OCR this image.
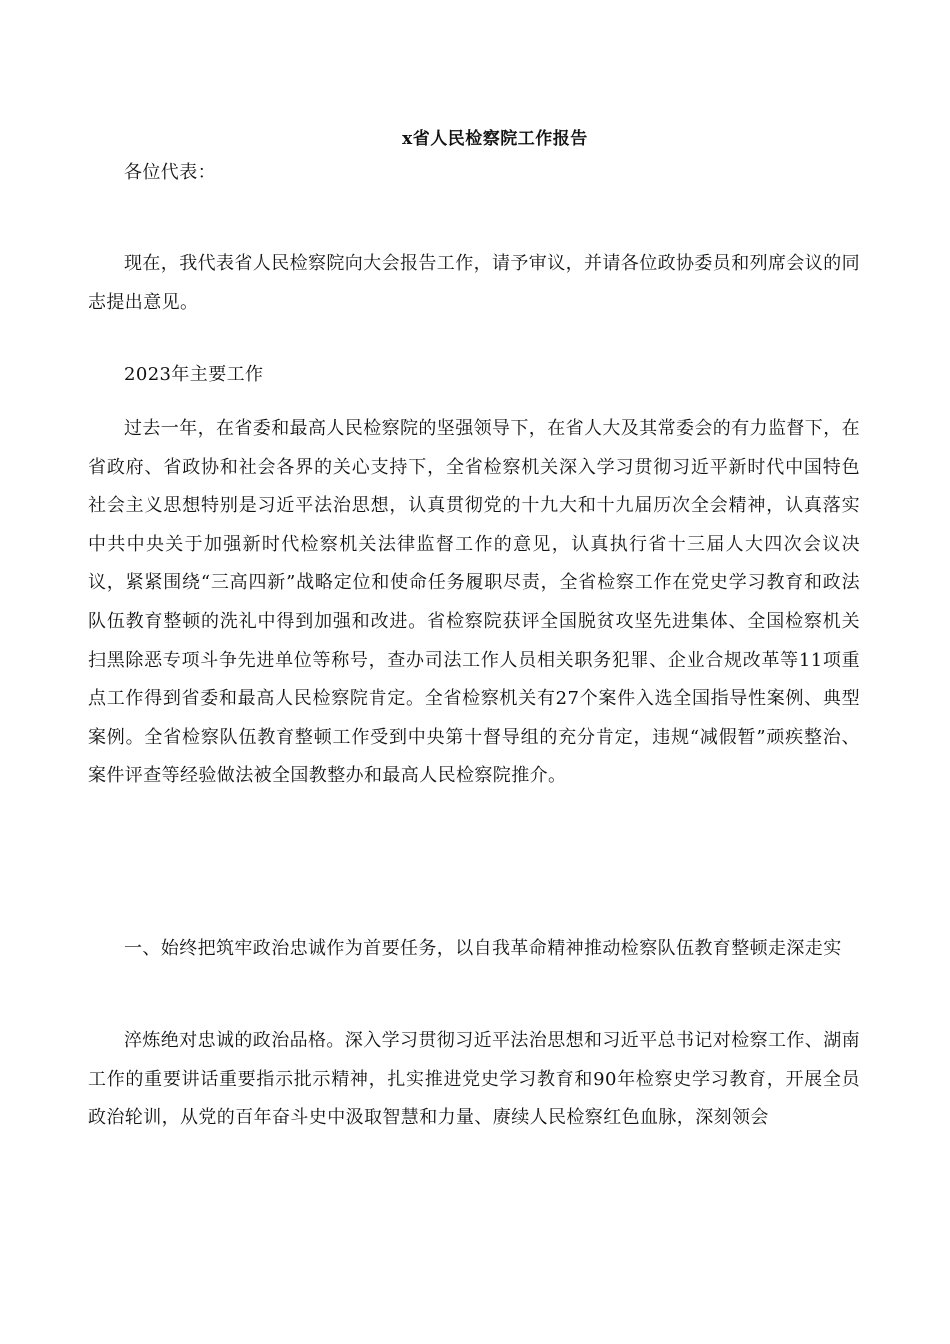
x省人民检察院工作报告

各位代表：

现在，我代表省人民检察院向大会报告工作，请予审议，并请各位政协委员和列席会议的同志提出意见。

2023年主要工作

过去一年，在省委和最高人民检察院的坚强领导下，在省人大及其常委会的有力监督下，在省政府、省政协和社会各界的关心支持下，全省检察机关深入学习贯彻习近平新时代中国特色社会主义思想特别是习近平法治思想，认真贯彻党的十九大和十九届历次全会精神，认真落实中共中央关于加强新时代检察机关法律监督工作的意见，认真执行省十三届人大四次会议决议，紧紧围绕“三高四新”战略定位和使命任务履职尽责，全省检察工作在党史学习教育和政法队伍教育整顿的洗礼中得到加强和改进。省检察院获评全国脱贫攻坚先进集体、全国检察机关扫黑除恶专项斗争先进单位等称号，查办司法工作人员相关职务犯罪、企业合规改革等11项重点工作得到省委和最高人民检察院肯定。全省检察机关有27个案件入选全国指导性案例、典型案例。全省检察队伍教育整顿工作受到中央第十督导组的充分肯定，违规“减假暂”顽疾整治、案件评查等经验做法被全国教整办和最高人民检察院推介。

一、始终把筑牢政治忠诚作为首要任务，以自我革命精神推动检察队伍教育整顿走深走实

淬炼绝对忠诚的政治品格。深入学习贯彻习近平法治思想和习近平总书记对检察工作、湖南工作的重要讲话重要指示批示精神，扎实推进党史学习教育和90年检察史学习教育，开展全员政治轮训，从党的百年奋斗史中汲取智慧和力量、赓续人民检察红色血脉，深刻领会
